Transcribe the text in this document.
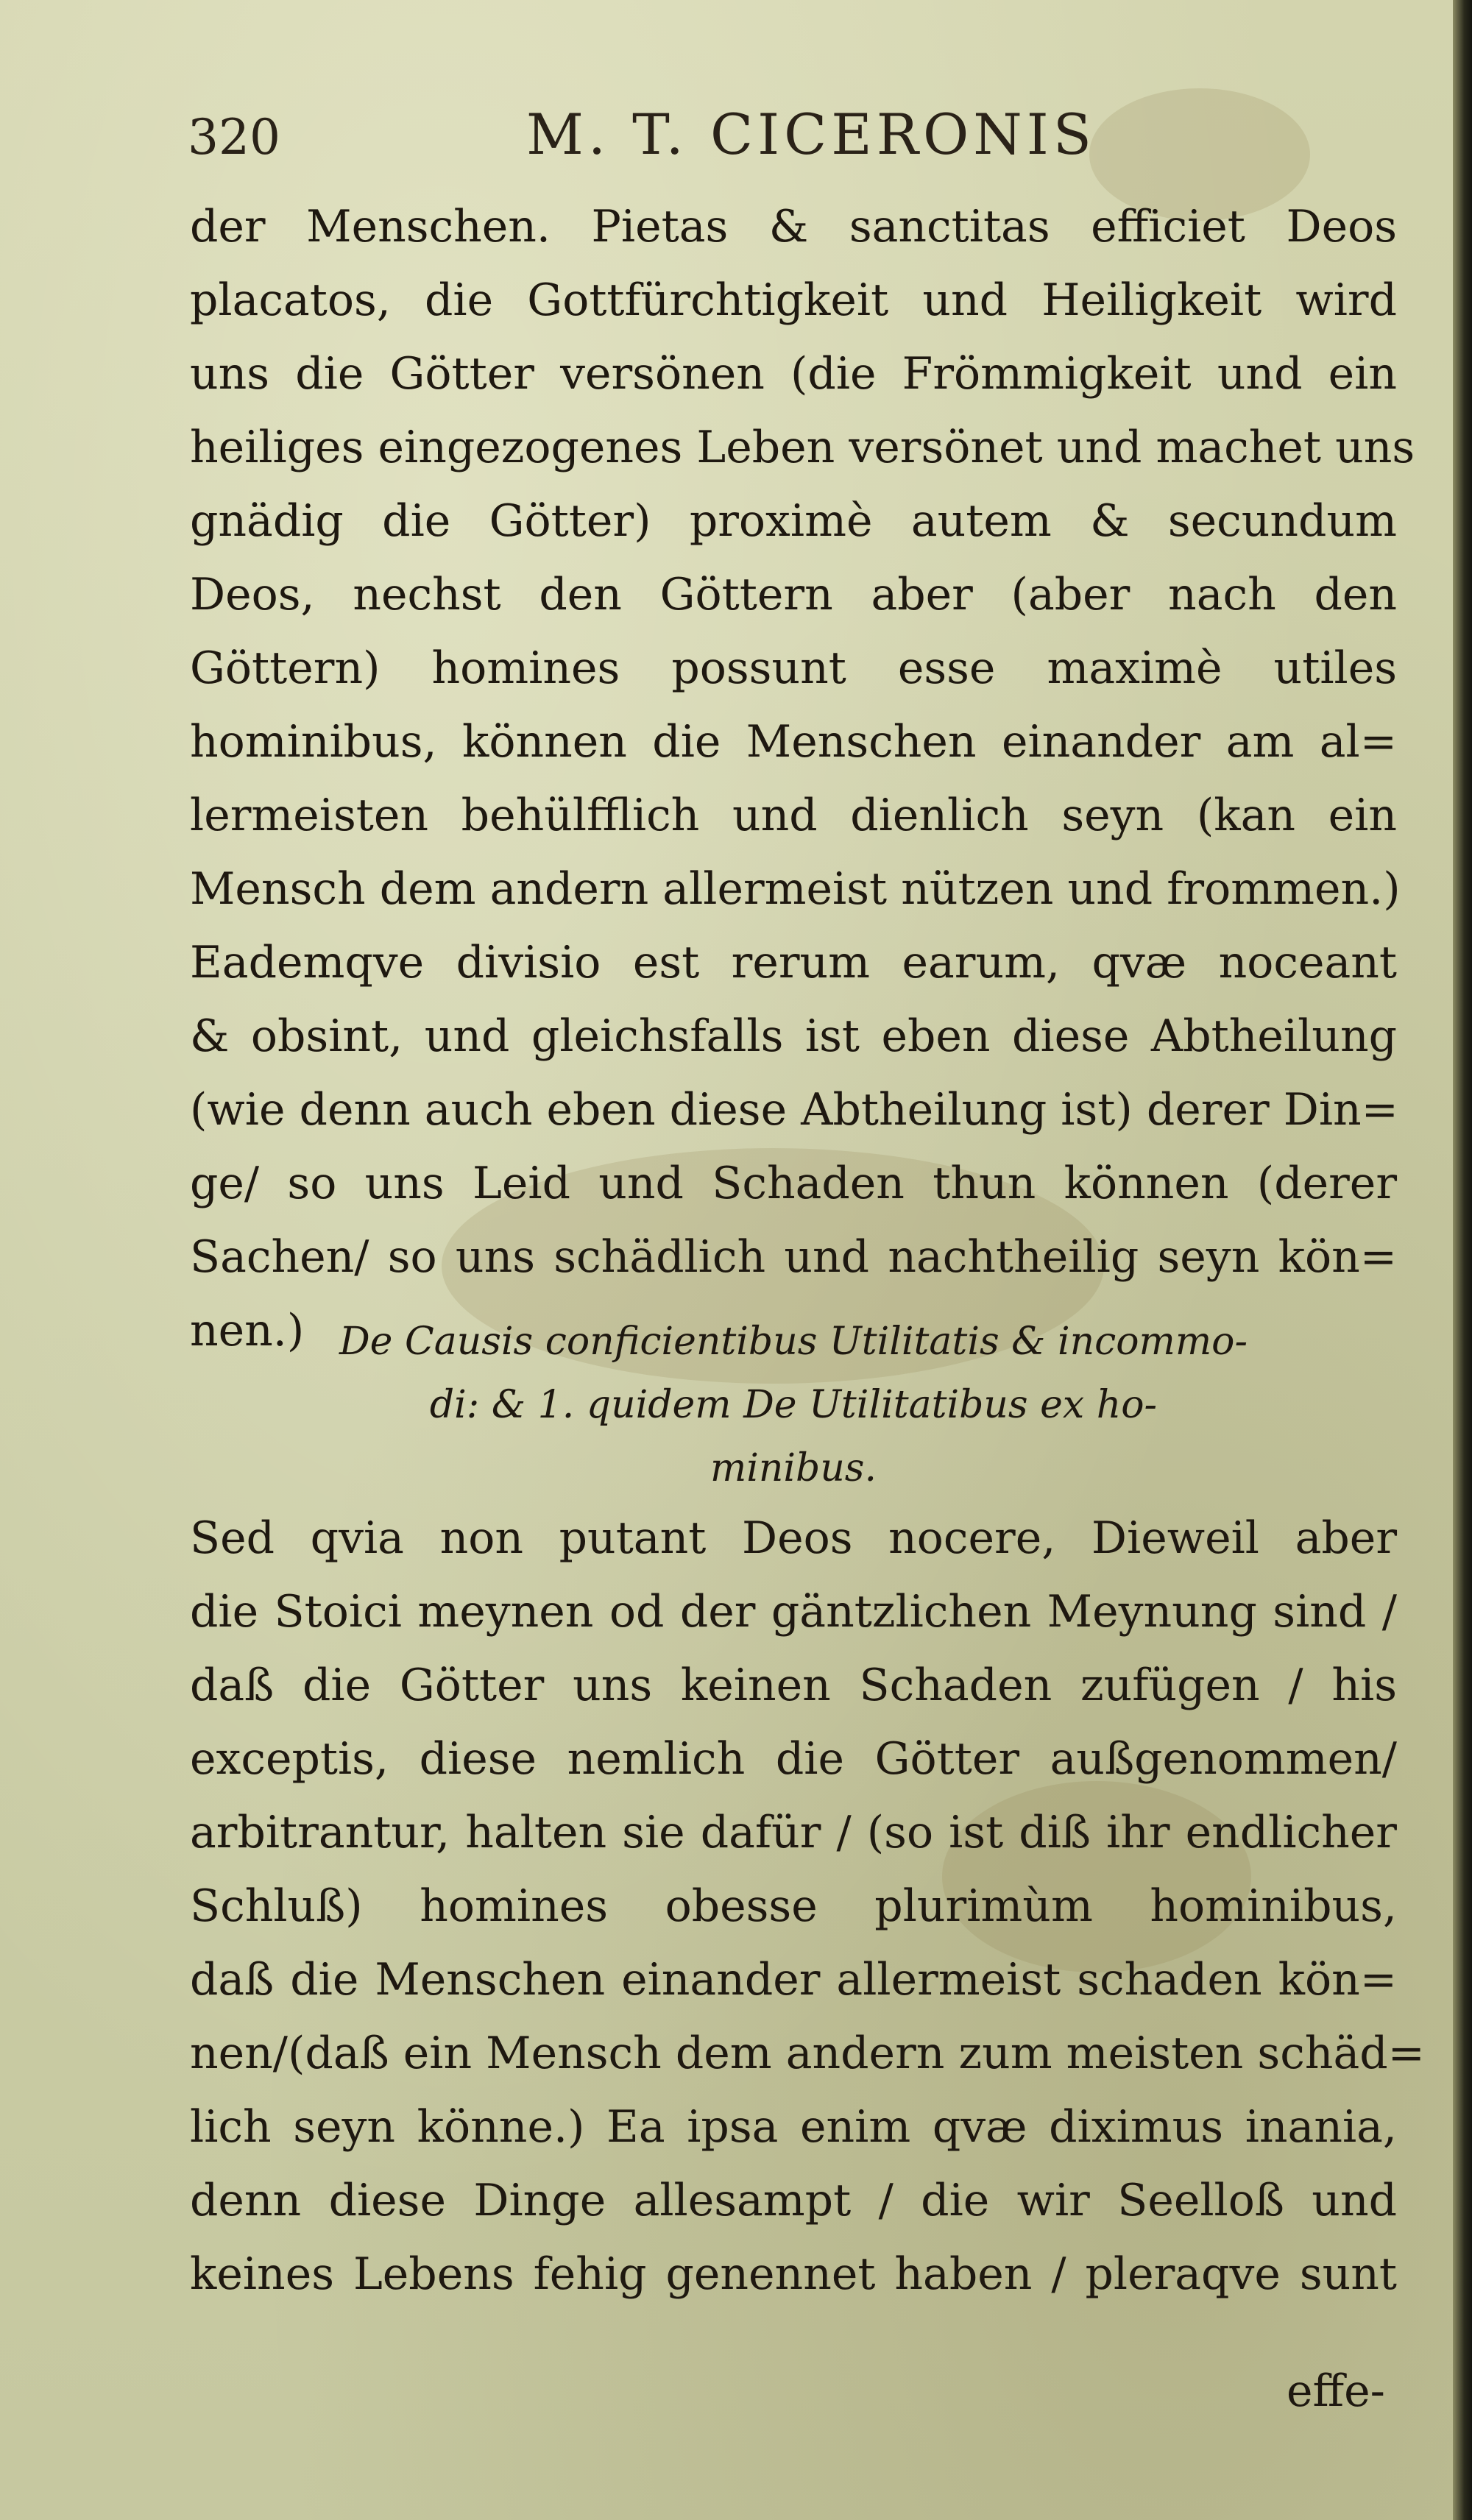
320	M. T. CICERONIS
der Menschen. Pietas & sanctitas efficiet Deos
placatos, die Gottfürchtigkeit und Heiligkeit wird
uns die Götter versönen (die Frömmigkeit und ein
heiliges eingezogenes Leben versönet und machet uns
gnädig die Götter) proximè autem & secundum
Deos, nechst den Göttern aber (aber nach den
Göttern) homines possunt esse maximè utiles
hominibus, können die Menschen einander am al=
lermeisten behülfflich und dienlich seyn (kan ein
Mensch dem andern allermeist nützen und frommen.)
Eademqve divisio est rerum earum, qvæ noceant
& obsint, und gleichsfalls ist eben diese Abtheilung
(wie denn auch eben diese Abtheilung ist) derer Din=
ge/ so uns Leid und Schaden thun können (derer
Sachen/ so uns schädlich und nachtheilig seyn kön=
nen.) De Causis conficientibus Utilitatis & incommo-
di: & 1. quidem De Utilitatibus ex ho-
minibus.
Sed qvia non putant Deos nocere, Dieweil aber
die Stoici meynen od der gäntzlichen Meynung sind /
daß die Götter uns keinen Schaden zufügen / his
exceptis, diese nemlich die Götter außgenommen/
arbitrantur, halten sie dafür / (so ist diß ihr endlicher
Schluß) homines obesse plurimùm hominibus,
daß die Menschen einander allermeist schaden kön=
nen/(daß ein Mensch dem andern zum meisten schäd=
lich seyn könne.) Ea ipsa enim qvæ diximus inania,
denn diese Dinge allesampt / die wir Seelloß und
keines Lebens fehig genennet haben / pleraqve sunt
effe-
